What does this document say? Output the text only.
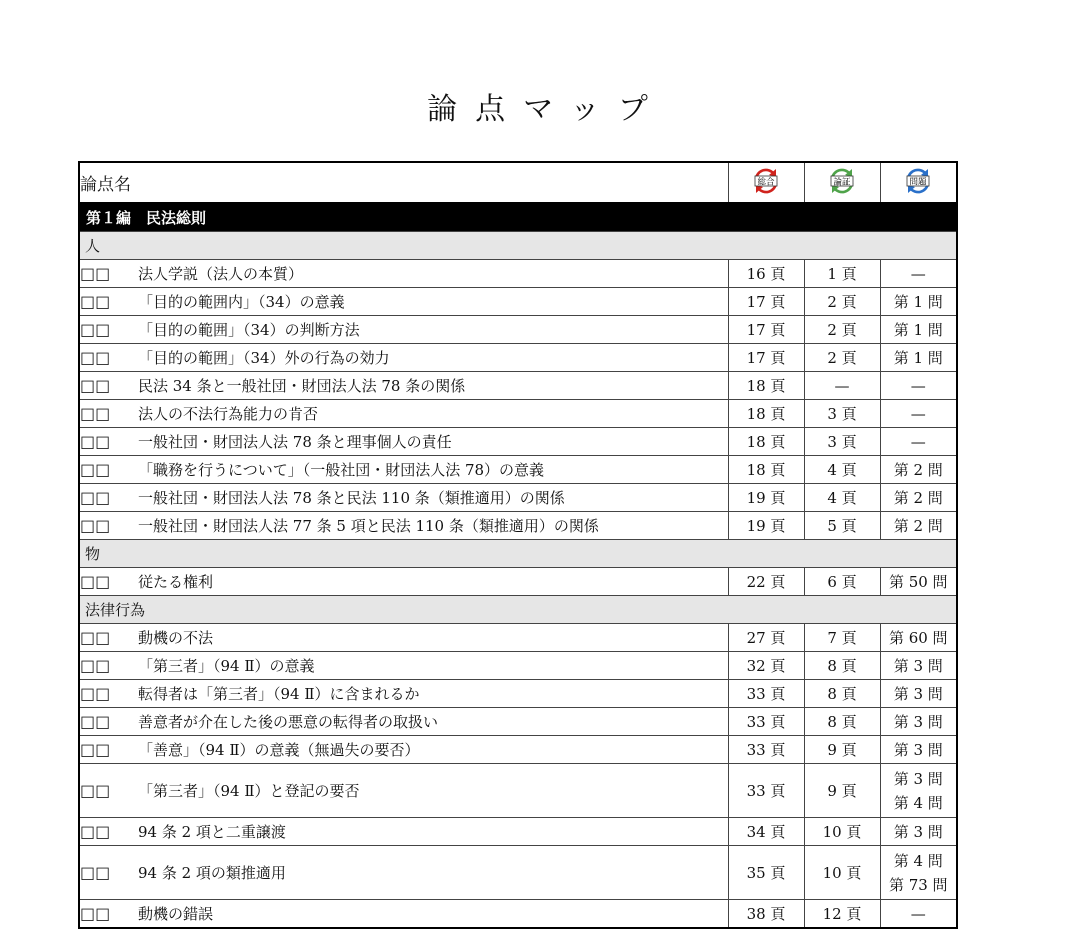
論点マップ
論点名	総合	論証	問題

第１編　民法総則			
人			
□□ 法人学説（法人の本質）	16 頁	1 頁	—
□□ 「目的の範囲内」（34）の意義	17 頁	2 頁	第 1 問
□□ 「目的の範囲」（34）の判断方法	17 頁	2 頁	第 1 問
□□ 「目的の範囲」（34）外の行為の効力	17 頁	2 頁	第 1 問
□□ 民法 34 条と一般社団・財団法人法 78 条の関係	18 頁	—	—
□□ 法人の不法行為能力の肯否	18 頁	3 頁	—
□□ 一般社団・財団法人法 78 条と理事個人の責任	18 頁	3 頁	—
□□ 「職務を行うについて」（一般社団・財団法人法 78）の意義	18 頁	4 頁	第 2 問
□□ 一般社団・財団法人法 78 条と民法 110 条（類推適用）の関係	19 頁	4 頁	第 2 問
□□ 一般社団・財団法人法 77 条 5 項と民法 110 条（類推適用）の関係	19 頁	5 頁	第 2 問
物			
□□ 従たる権利	22 頁	6 頁	第 50 問
法律行為			
□□ 動機の不法	27 頁	7 頁	第 60 問
□□ 「第三者」（94 Ⅱ）の意義	32 頁	8 頁	第 3 問
□□ 転得者は「第三者」（94 Ⅱ）に含まれるか	33 頁	8 頁	第 3 問
□□ 善意者が介在した後の悪意の転得者の取扱い	33 頁	8 頁	第 3 問
□□ 「善意」（94 Ⅱ）の意義（無過失の要否）	33 頁	9 頁	第 3 問
□□ 「第三者」（94 Ⅱ）と登記の要否	33 頁	9 頁	第 3 問
第 4 問
□□ 94 条 2 項と二重譲渡	34 頁	10 頁	第 3 問
□□ 94 条 2 項の類推適用	35 頁	10 頁	第 4 問
第 73 問
□□ 動機の錯誤	38 頁	12 頁	—
